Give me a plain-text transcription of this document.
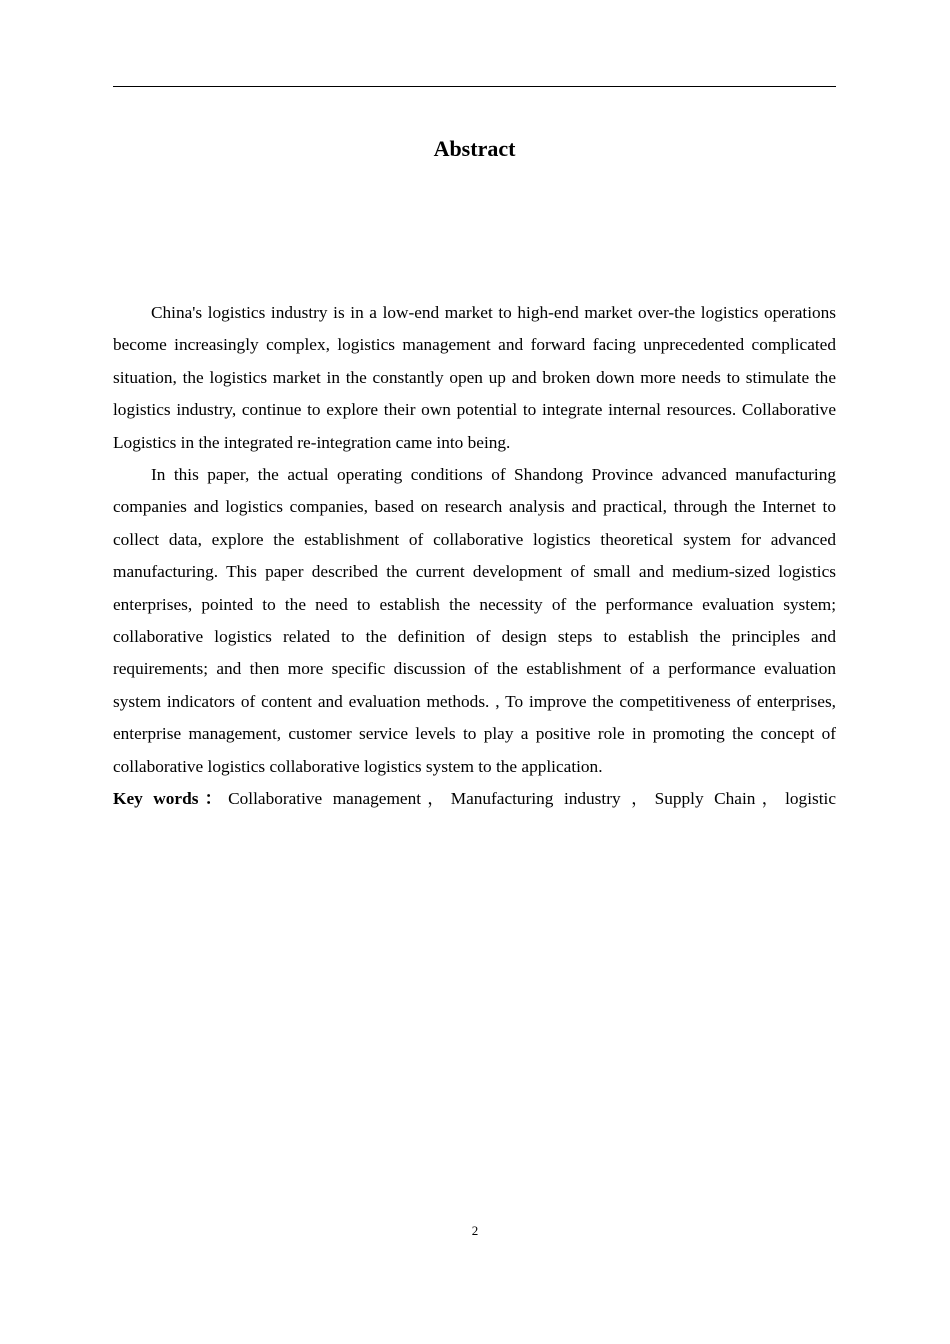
Abstract

China's logistics industry is in a low-end market to high-end market over-the logistics operations become increasingly complex, logistics management and forward facing unprecedented complicated situation, the logistics market in the constantly open up and broken down more needs to stimulate the logistics industry, continue to explore their own potential to integrate internal resources. Collaborative Logistics in the integrated re-integration came into being.

In this paper, the actual operating conditions of Shandong Province advanced manufacturing companies and logistics companies, based on research analysis and practical, through the Internet to collect data, explore the establishment of collaborative logistics theoretical system for advanced manufacturing. This paper described the current development of small and medium-sized logistics enterprises, pointed to the need to establish the necessity of the performance evaluation system; collaborative logistics related to the definition of design steps to establish the principles and requirements; and then more specific discussion of the establishment of a performance evaluation system indicators of content and evaluation methods. , To improve the competitiveness of enterprises, enterprise management, customer service levels to play a positive role in promoting the concept of collaborative logistics collaborative logistics system to the application.

Key words：Collaborative management，Manufacturing industry ，Supply Chain，logistic

2
